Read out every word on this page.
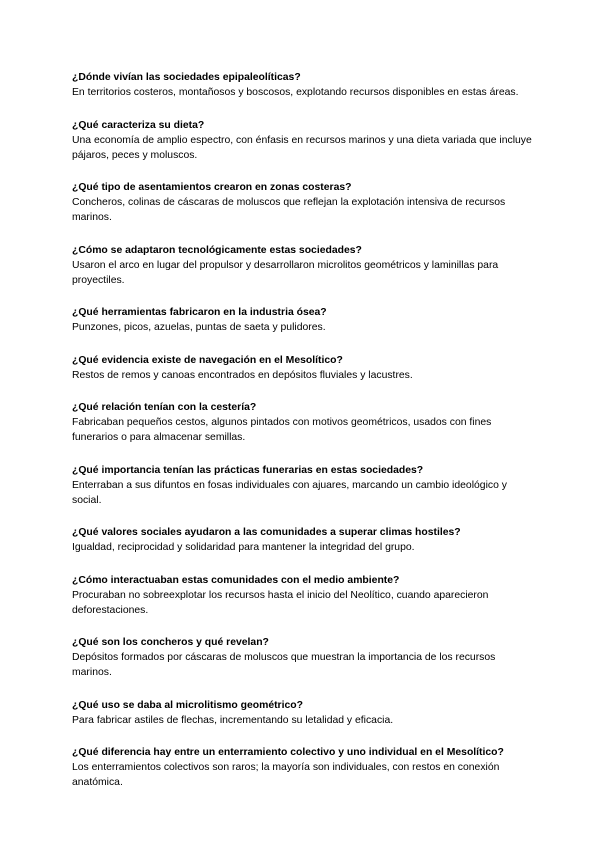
¿Dónde vivían las sociedades epipaleolíticas?

En territorios costeros, montañosos y boscosos, explotando recursos disponibles en estas áreas.

¿Qué caracteriza su dieta?

Una economía de amplio espectro, con énfasis en recursos marinos y una dieta variada que incluye pájaros, peces y moluscos.

¿Qué tipo de asentamientos crearon en zonas costeras?

Concheros, colinas de cáscaras de moluscos que reflejan la explotación intensiva de recursos marinos.

¿Cómo se adaptaron tecnológicamente estas sociedades?

Usaron el arco en lugar del propulsor y desarrollaron microlitos geométricos y laminillas para proyectiles.

¿Qué herramientas fabricaron en la industria ósea?

Punzones, picos, azuelas, puntas de saeta y pulidores.

¿Qué evidencia existe de navegación en el Mesolítico?

Restos de remos y canoas encontrados en depósitos fluviales y lacustres.

¿Qué relación tenían con la cestería?

Fabricaban pequeños cestos, algunos pintados con motivos geométricos, usados con fines funerarios o para almacenar semillas.

¿Qué importancia tenían las prácticas funerarias en estas sociedades?

Enterraban a sus difuntos en fosas individuales con ajuares, marcando un cambio ideológico y social.

¿Qué valores sociales ayudaron a las comunidades a superar climas hostiles?

Igualdad, reciprocidad y solidaridad para mantener la integridad del grupo.

¿Cómo interactuaban estas comunidades con el medio ambiente?

Procuraban no sobreexplotar los recursos hasta el inicio del Neolítico, cuando aparecieron deforestaciones.

¿Qué son los concheros y qué revelan?

Depósitos formados por cáscaras de moluscos que muestran la importancia de los recursos marinos.

¿Qué uso se daba al microlitismo geométrico?

Para fabricar astiles de flechas, incrementando su letalidad y eficacia.

¿Qué diferencia hay entre un enterramiento colectivo y uno individual en el Mesolítico?

Los enterramientos colectivos son raros; la mayoría son individuales, con restos en conexión anatómica.
